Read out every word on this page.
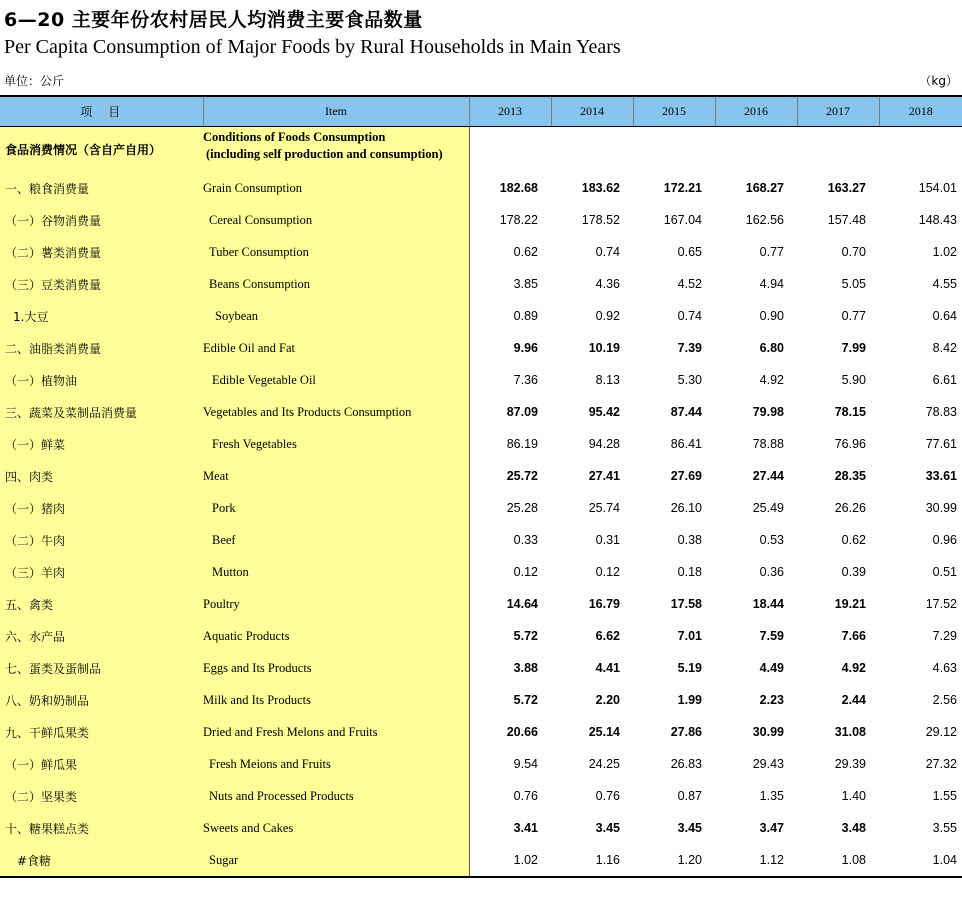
6—20 主要年份农村居民人均消费主要食品数量
Per Capita Consumption of Major Foods by Rural Households in Main Years
单位：公斤	（kg）
项　目	Item	2013	2014	2015	2016	2017	2018
食品消费情况（含自产自用）	Conditions of Foods Consumption
(including self production and consumption)						
一、粮食消费量	Grain Consumption	182.68	183.62	172.21	168.27	163.27	154.01
（一）谷物消费量	Cereal Consumption	178.22	178.52	167.04	162.56	157.48	148.43
（二）薯类消费量	Tuber Consumption	0.62	0.74	0.65	0.77	0.70	1.02
（三）豆类消费量	Beans Consumption	3.85	4.36	4.52	4.94	5.05	4.55
1.大豆	Soybean	0.89	0.92	0.74	0.90	0.77	0.64
二、油脂类消费量	Edible Oil and Fat	9.96	10.19	7.39	6.80	7.99	8.42
（一）植物油	Edible Vegetable Oil	7.36	8.13	5.30	4.92	5.90	6.61
三、蔬菜及菜制品消费量	Vegetables and Its Products Consumption	87.09	95.42	87.44	79.98	78.15	78.83
（一）鲜菜	Fresh Vegetables	86.19	94.28	86.41	78.88	76.96	77.61
四、肉类	Meat	25.72	27.41	27.69	27.44	28.35	33.61
（一）猪肉	Pork	25.28	25.74	26.10	25.49	26.26	30.99
（二）牛肉	Beef	0.33	0.31	0.38	0.53	0.62	0.96
（三）羊肉	Mutton	0.12	0.12	0.18	0.36	0.39	0.51
五、禽类	Poultry	14.64	16.79	17.58	18.44	19.21	17.52
六、水产品	Aquatic Products	5.72	6.62	7.01	7.59	7.66	7.29
七、蛋类及蛋制品	Eggs and Its Products	3.88	4.41	5.19	4.49	4.92	4.63
八、奶和奶制品	Milk and Its Products	5.72	2.20	1.99	2.23	2.44	2.56
九、干鲜瓜果类	Dried and Fresh Melons and Fruits	20.66	25.14	27.86	30.99	31.08	29.12
（一）鲜瓜果	Fresh Meions and Fruits	9.54	24.25	26.83	29.43	29.39	27.32
（二）坚果类	Nuts and Processed Products	0.76	0.76	0.87	1.35	1.40	1.55
十、糖果糕点类	Sweets and Cakes	3.41	3.45	3.45	3.47	3.48	3.55
#食糖	Sugar	1.02	1.16	1.20	1.12	1.08	1.04
